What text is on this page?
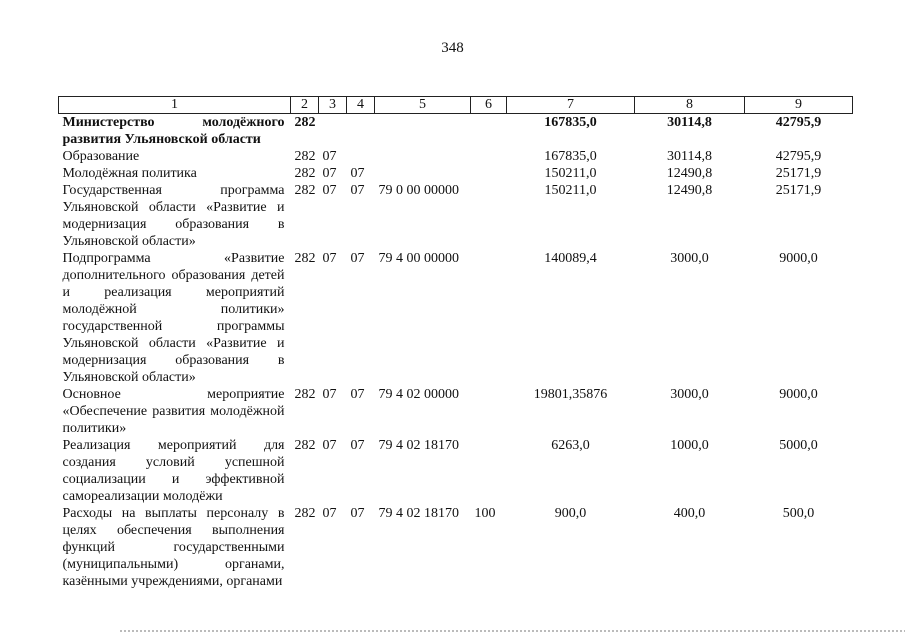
348
1	2	3	4	5	6	7	8	9
Министерство молодёжного развития Ульяновской области	282					167835,0	30114,8	42795,9
Образование	282	07				167835,0	30114,8	42795,9
Молодёжная политика	282	07	07			150211,0	12490,8	25171,9
Государственная программа Ульяновской области «Развитие и модернизация образования в Ульяновской области»	282	07	07	79 0 00 00000		150211,0	12490,8	25171,9
Подпрограмма «Развитие дополнительного образования детей и реализация мероприятий молодёжной политики» государственной программы Ульяновской области «Развитие и модернизация образования в Ульяновской области»	282	07	07	79 4 00 00000		140089,4	3000,0	9000,0
Основное мероприятие «Обеспечение развития молодёжной политики»	282	07	07	79 4 02 00000		19801,35876	3000,0	9000,0
Реализация мероприятий для создания условий успешной социализации и эффективной самореализации молодёжи	282	07	07	79 4 02 18170		6263,0	1000,0	5000,0
Расходы на выплаты персоналу в целях обеспечения выполнения функций государственными (муниципальными) органами, казёнными учреждениями, органами	282	07	07	79 4 02 18170	100	900,0	400,0	500,0
